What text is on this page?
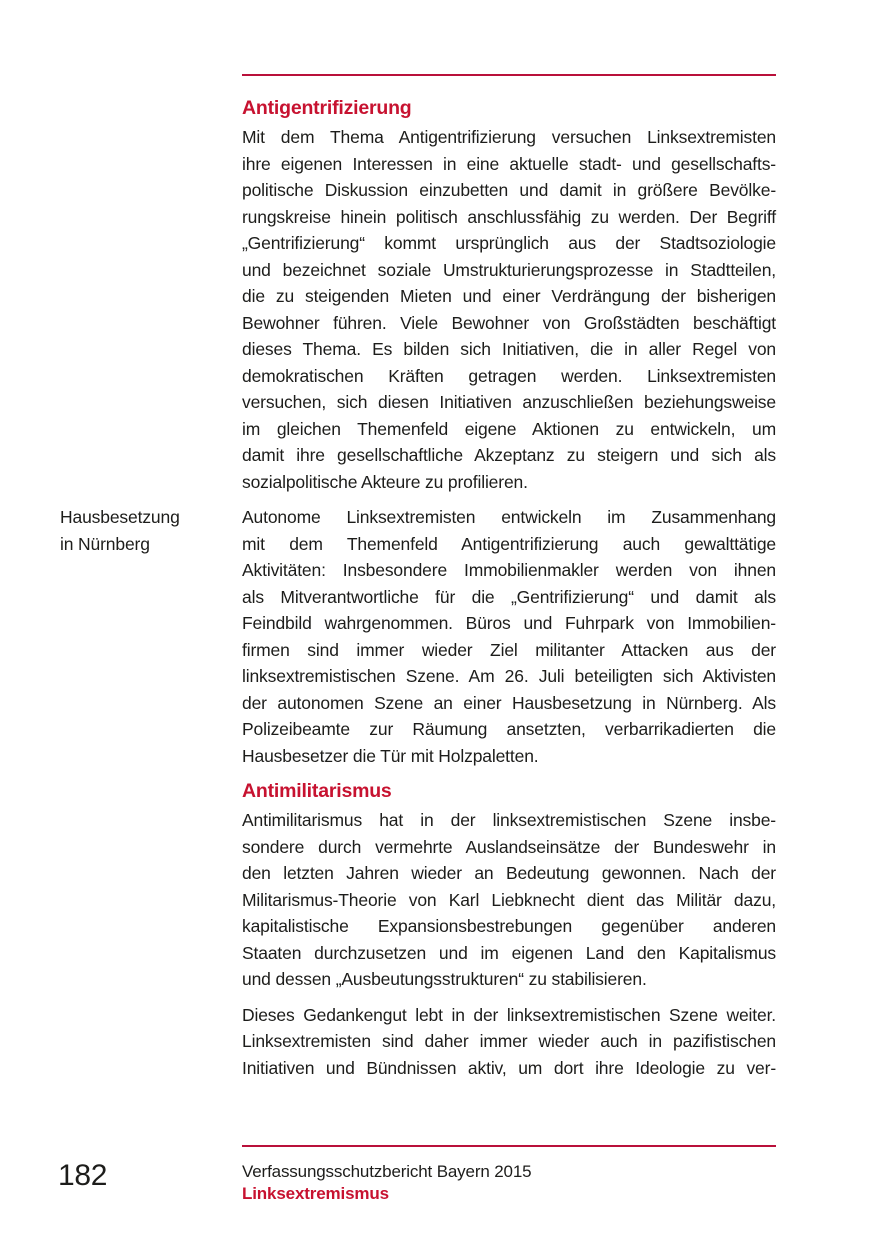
Antigentrifizierung
Mit dem Thema Antigentrifizierung versuchen Linksextremisten
ihre eigenen Interessen in eine aktuelle stadt- und gesellschafts-
politische Diskussion einzubetten und damit in größere Bevölke-
rungskreise hinein politisch anschlussfähig zu werden. Der Begriff
„Gentrifizierung“ kommt ursprünglich aus der Stadtsoziologie
und bezeichnet soziale Umstrukturierungsprozesse in Stadtteilen,
die zu steigenden Mieten und einer Verdrängung der bisherigen
Bewohner führen. Viele Bewohner von Großstädten beschäftigt
dieses Thema. Es bilden sich Initiativen, die in aller Regel von
demokratischen Kräften getragen werden. Linksextremisten
versuchen, sich diesen Initiativen anzuschließen beziehungsweise
im gleichen Themenfeld eigene Aktionen zu entwickeln, um
damit ihre gesellschaftliche Akzeptanz zu steigern und sich als
sozialpolitische Akteure zu profilieren.
Autonome Linksextremisten entwickeln im Zusammenhang
mit dem Themenfeld Antigentrifizierung auch gewalttätige
Aktivitäten: Insbesondere Immobilienmakler werden von ihnen
als Mitverantwortliche für die „Gentrifizierung“ und damit als
Feindbild wahrgenommen. Büros und Fuhrpark von Immobilien-
firmen sind immer wieder Ziel militanter Attacken aus der
linksextremistischen Szene. Am 26. Juli beteiligten sich Aktivisten
der autonomen Szene an einer Hausbesetzung in Nürnberg. Als
Polizeibeamte zur Räumung ansetzten, verbarrikadierten die
Hausbesetzer die Tür mit Holzpaletten.
Antimilitarismus
Antimilitarismus hat in der linksextremistischen Szene insbe-
sondere durch vermehrte Auslandseinsätze der Bundeswehr in
den letzten Jahren wieder an Bedeutung gewonnen. Nach der
Militarismus-Theorie von Karl Liebknecht dient das Militär dazu,
kapitalistische Expansionsbestrebungen gegenüber anderen
Staaten durchzusetzen und im eigenen Land den Kapitalismus
und dessen „Ausbeutungsstrukturen“ zu stabilisieren.
Dieses Gedankengut lebt in der linksextremistischen Szene weiter.
Linksextremisten sind daher immer wieder auch in pazifistischen
Initiativen und Bündnissen aktiv, um dort ihre Ideologie zu ver-
Hausbesetzung
in Nürnberg
Verfassungsschutzbericht Bayern 2015
Linksextremismus
182
